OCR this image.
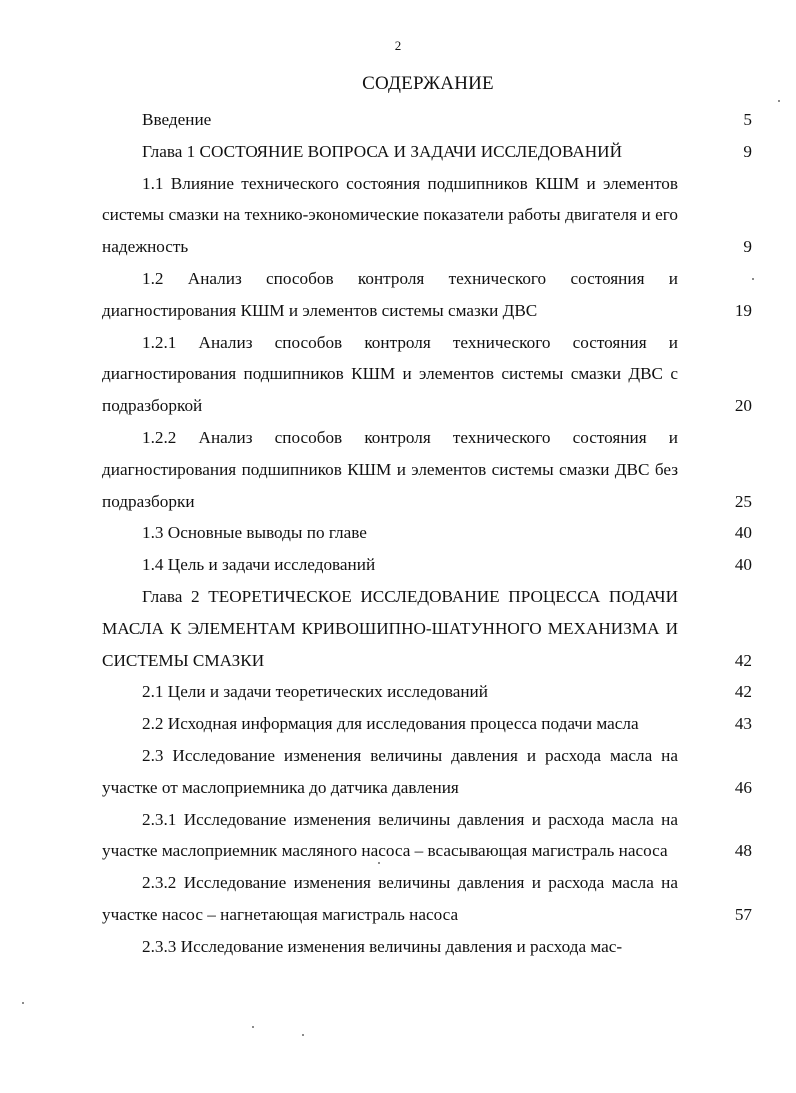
2
СОДЕРЖАНИЕ
Введение	5
Глава 1 СОСТОЯНИЕ ВОПРОСА И ЗАДАЧИ ИССЛЕДОВАНИЙ	9
1.1 Влияние технического состояния подшипников КШМ и элементов системы смазки на технико-экономические показатели работы двигателя и его надежность	9
1.2 Анализ способов контроля технического состояния и диагностирования КШМ и элементов системы смазки ДВС	19
1.2.1 Анализ способов контроля технического состояния и диагностирования подшипников КШМ и элементов системы смазки ДВС с подразборкой	20
1.2.2 Анализ способов контроля технического состояния и диагностирования подшипников КШМ и элементов системы смазки ДВС без подразборки	25
1.3 Основные выводы по главе	40
1.4 Цель и задачи исследований	40
Глава 2 ТЕОРЕТИЧЕСКОЕ ИССЛЕДОВАНИЕ ПРОЦЕССА ПОДАЧИ МАСЛА К ЭЛЕМЕНТАМ КРИВОШИПНО-ШАТУННОГО МЕХАНИЗМА И СИСТЕМЫ СМАЗКИ	42
2.1 Цели и задачи теоретических исследований	42
2.2 Исходная информация для исследования процесса подачи масла	43
2.3 Исследование изменения величины давления и расхода масла на участке от маслоприемника до датчика давления	46
2.3.1 Исследование изменения величины давления и расхода масла на участке маслоприемник масляного насоса – всасывающая магистраль насоса	48
2.3.2 Исследование изменения величины давления и расхода масла на участке насос – нагнетающая магистраль насоса	57
2.3.3 Исследование изменения величины давления и расхода мас-
